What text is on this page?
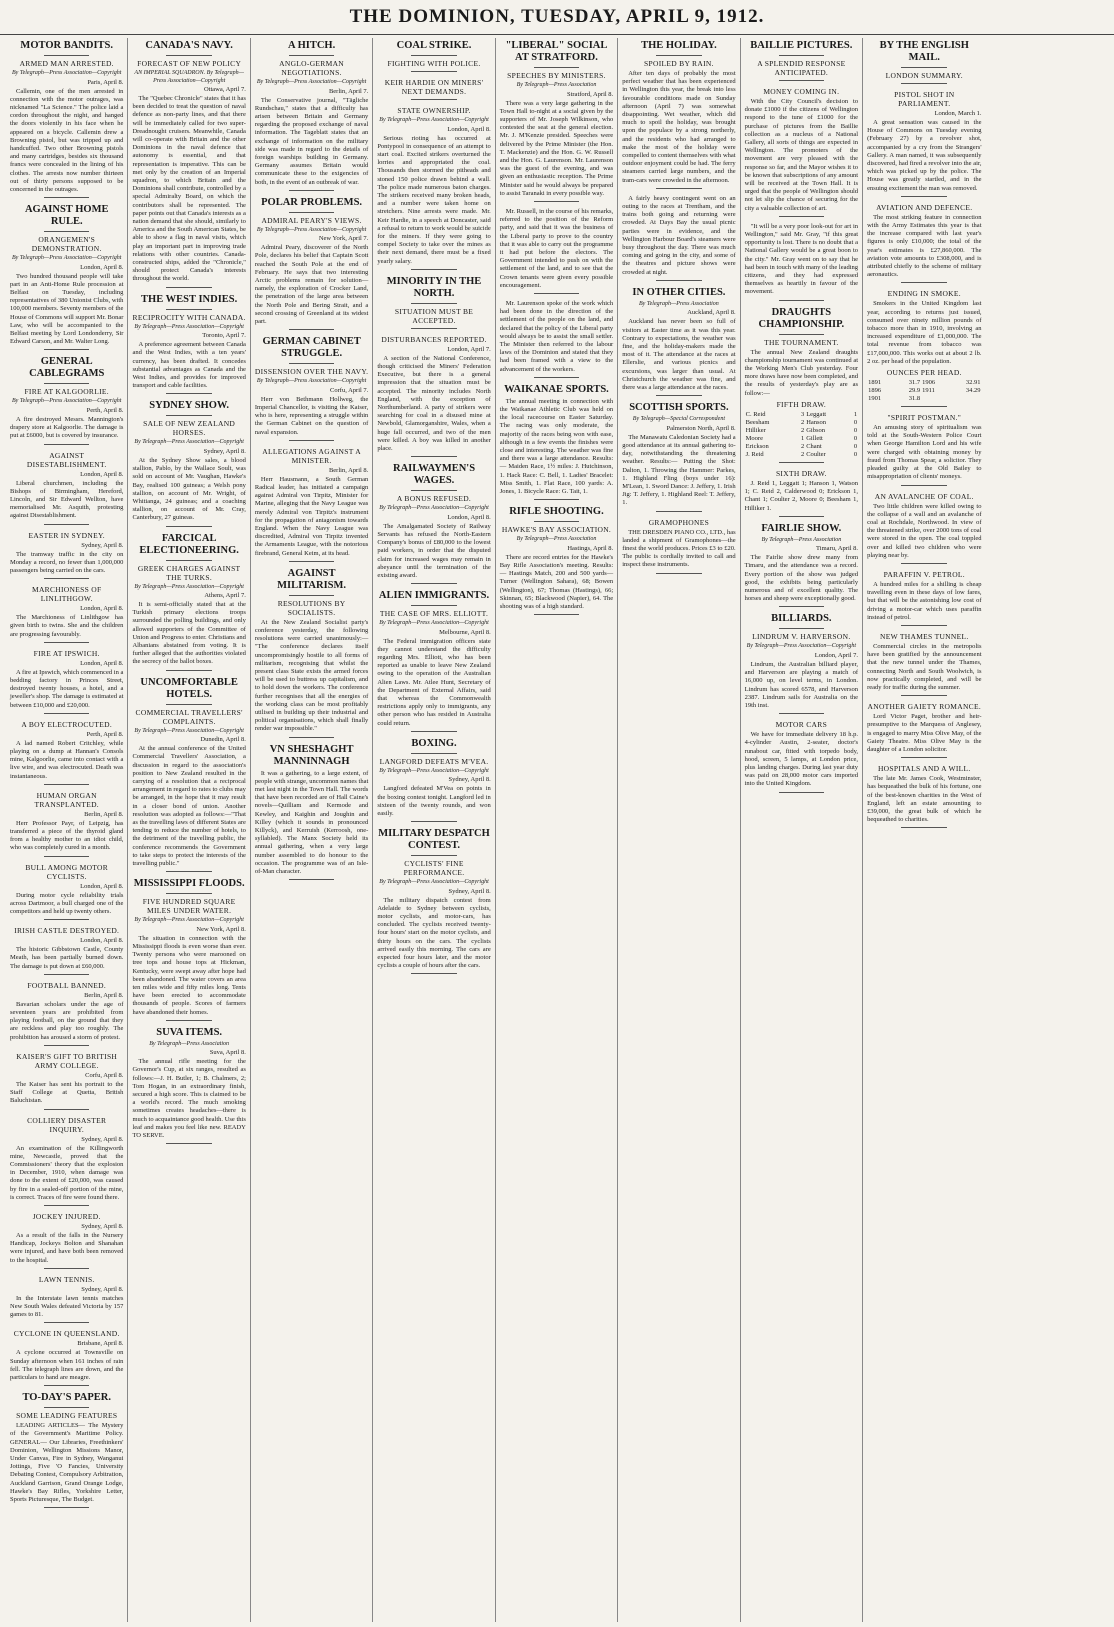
THE DOMINION, TUESDAY, APRIL 9, 1912.
MOTOR BANDITS.
ARMED MAN ARRESTED.
By Telegraph—Press Association—Copyright
Paris, April 8.

Callemin, one of the men arrested in connection with the motor outrages, was nicknamed "La Science." The police laid a cordon throughout the night, and hanged the doors violently in his face when he appeared on a bicycle. Callemin drew a Browning pistol, but was tripped up and handcuffed. Two other Browning pistols and many cartridges, besides six thousand francs were concealed in the lining of his clothes. The arrests now number thirteen out of thirty persons supposed to be concerned in the outrages.

AGAINST HOME RULE.
ORANGEMEN'S DEMONSTRATION.
By Telegraph—Press Association—Copyright
London, April 8.

Two hundred thousand people will take part in an Anti-Home Rule procession at Belfast on Tuesday, including representatives of 380 Unionist Clubs, with 100,000 members. Seventy members of the House of Commons will support Mr. Bonar Law, who will be accompanied to the Belfast meeting by Lord Londonderry, Sir Edward Carson, and Mr. Walter Long.

GENERAL CABLEGRAMS
FIRE AT KALGOORLIE.
By Telegraph—Press Association—Copyright
Perth, April 8.

A fire destroyed Messrs. Mannington's drapery store at Kalgoorlie. The damage is put at £6000, but is covered by insurance.

AGAINST DISESTABLISHMENT.
London, April 8.

Liberal churchmen, including the Bishops of Birmingham, Hereford, Lincoln, and Sir Edward Wellton, have memorialised Mr. Asquith, protesting against Disestablishment.

EASTER IN SYDNEY.
Sydney, April 8.

The tramway traffic in the city on Monday a record, no fewer than 1,000,000 passengers being carried on the cars.

MARCHIONESS OF LINLITHGOW.
London, April 8.

The Marchioness of Linlithgow has given birth to twins. She and the children are progressing favourably.

FIRE AT IPSWICH.
London, April 8.

A fire at Ipswich, which commenced in a bedding factory in Princes Street, destroyed twenty houses, a hotel, and a jeweller's shop. The damage is estimated at between £10,000 and £20,000.

A BOY ELECTROCUTED.
Perth, April 8.

A lad named Robert Critchley, while playing on a dump at Hannan's Consols mine, Kalgoorlie, came into contact with a live wire, and was electrocuted. Death was instantaneous.

HUMAN ORGAN TRANSPLANTED.
Berlin, April 8.

Herr Professor Payr, of Leipzig, has transferred a piece of the thyroid gland from a healthy mother to an idiot child, who was completely cured in a month.

BULL AMONG MOTOR CYCLISTS.
London, April 8.

During motor cycle reliability trials across Dartmoor, a bull charged one of the competitors and held up twenty others.

IRISH CASTLE DESTROYED.
London, April 8.

The historic Gibbstown Castle, County Meath, has been partially burned down. The damage is put down at £60,000.

FOOTBALL BANNED.
Berlin, April 8.

Bavarian scholars under the age of seventeen years are prohibited from playing football, on the ground that they are reckless and play too roughly. The prohibition has aroused a storm of protest.

KAISER'S GIFT TO BRITISH ARMY COLLEGE.
Corfu, April 8.

The Kaiser has sent his portrait to the Staff College at Quetta, British Baluchistan.

COLLIERY DISASTER INQUIRY.
Sydney, April 8.

An examination of the Killingworth mine, Newcastle, proved that the Commissioners' theory that the explosion in December, 1910, when damage was done to the extent of £20,000, was caused by fire in a sealed-off portion of the mine, is correct. Traces of fire were found there.

JOCKEY INJURED.
Sydney, April 8.

As a result of the falls in the Nursery Handicap, Jockeys Bolton and Shanahan were injured, and have both been removed to the hospital.

LAWN TENNIS.
Sydney, April 8.

In the Interstate lawn tennis matches New South Wales defeated Victoria by 157 games to 81.

CYCLONE IN QUEENSLAND.
Brisbane, April 8.

A cyclone occurred at Townsville on Sunday afternoon when 161 inches of rain fell. The telegraph lines are down, and the particulars to hand are meagre.

TO-DAY'S PAPER.
SOME LEADING FEATURES

LEADING ARTICLES— The Mystery of the Government's Maritime Policy. GENERAL— Our Libraries, Freethinkers' Dominion, Wellington Missions Manor, Under Canvas, Fire in Sydney, Wanganui Jottings, Five 'O Fancies, University Debating Contest, Compulsory Arbitration, Auckland Garrison, Grand Orange Lodge, Hawke's Bay Rifles, Yorkshire Letter, Sports Picturesque, The Budget.

CANADA'S NAVY.
FORECAST OF NEW POLICY
AN IMPERIAL SQUADRON. By Telegraph—Press Association—Copyright
Ottawa, April 7.

The "Quebec Chronicle" states that it has been decided to treat the question of naval defence as non-party lines, and that there will be immediately called for two super-Dreadnought cruisers. Meanwhile, Canada will co-operate with Britain and the other Dominions in the naval defence that autonomy is essential, and that representation is imperative. This can be met only by the creation of an Imperial squadron, to which Britain and the Dominions shall contribute, controlled by a special Admiralty Board, on which the contributors shall be represented. The paper points out that Canada's interests as a nation demand that she should, similarly to America and the South American States, be able to show a flag in naval visits, which play an important part in improving trade relations with other countries. Canada-constructed ships, added the "Chronicle," should protect Canada's interests throughout the world.

THE WEST INDIES.
RECIPROCITY WITH CANADA.
By Telegraph—Press Association—Copyright
Toronto, April 7.

A preference agreement between Canada and the West Indies, with a ten years' currency, has been drafted. It concedes substantial advantages as Canada and the West Indies, and provides for improved transport and cable facilities.

SYDNEY SHOW.
SALE OF NEW ZEALAND HORSES.
By Telegraph—Press Association—Copyright
Sydney, April 8.

At the Sydney Show sales, a blood stallion, Pablo, by the Wallace Soult, was sold on account of Mr. Vaughan, Hawke's Bay, realised 100 guineas; a Welsh pony stallion, on account of Mr. Wright, of Whitianga, 24 guineas; and a coaching stallion, on account of Mr. Cray, Canterbury, 27 guineas.

FARCICAL ELECTIONEERING.
GREEK CHARGES AGAINST THE TURKS.
By Telegraph—Press Association—Copyright
Athens, April 7.

It is semi-officially stated that at the Turkish primary elections troops surrounded the polling buildings, and only allowed supporters of the Committee of Union and Progress to enter. Christians and Albanians abstained from voting. It is further alleged that the authorities violated the secrecy of the ballot boxes.

UNCOMFORTABLE HOTELS.
COMMERCIAL TRAVELLERS' COMPLAINTS.
By Telegraph—Press Association—Copyright
Dunedin, April 8.

At the annual conference of the United Commercial Travellers' Association, a discussion in regard to the association's position to New Zealand resulted in the carrying of a resolution that a reciprocal arrangement in regard to rates to clubs may be arranged, in the hope that it may result in a closer bond of union. Another resolution was adopted as follows:—"That as the travelling laws of different States are tending to reduce the number of hotels, to the detriment of the travelling public, the conference recommends the Government to take steps to protect the interests of the travelling public."

MISSISSIPPI FLOODS.
FIVE HUNDRED SQUARE MILES UNDER WATER.
By Telegraph—Press Association—Copyright
New York, April 8.

The situation in connection with the Mississippi floods is even worse than ever. Twenty persons who were marooned on tree tops and house tops at Hickman, Kentucky, were swept away after hope had been abandoned. The water covers an area ten miles wide and fifty miles long. Tents have been erected to accommodate thousands of people. Scores of farmers have abandoned their homes.

SUVA ITEMS.
By Telegraph—Press Association
Suva, April 8.

The annual rifle meeting for the Governor's Cup, at six ranges, resulted as follows:—J. H. Butler, 1; B. Chalmers, 2; Tom Hogan, in an extraordinary finish, secured a high score. This is claimed to be a world's record. The much smoking sometimes creates headaches—there is much to acquaintance good health. Use this leaf and makes you feel like new. READY TO SERVE.

A HITCH.
ANGLO-GERMAN NEGOTIATIONS.
By Telegraph—Press Association—Copyright
Berlin, April 7.

The Conservative journal, "Tägliche Rundschau," states that a difficulty has arisen between Britain and Germany regarding the proposed exchange of naval information. The Tageblatt states that an exchange of information on the military side was made in regard to the details of foreign warships building in Germany. Germany assumes Britain would communicate these to the exigencies of both, in the event of an outbreak of war.

POLAR PROBLEMS.
ADMIRAL PEARY'S VIEWS.
By Telegraph—Press Association—Copyright
New York, April 7.

Admiral Peary, discoverer of the North Pole, declares his belief that Captain Scott reached the South Pole at the end of February. He says that two interesting Arctic problems remain for solution—namely, the exploration of Crocker Land, the penetration of the large area between the North Pole and Bering Strait, and a second crossing of Greenland at its widest part.

GERMAN CABINET STRUGGLE.
DISSENSION OVER THE NAVY.
By Telegraph—Press Association—Copyright
Corfu, April 7.

Herr von Bethmann Hollweg, the Imperial Chancellor, is visiting the Kaiser, who is here, representing a struggle within the German Cabinet on the question of naval expansion.

ALLEGATIONS AGAINST A MINISTER.
Berlin, April 8.

Herr Hausmann, a South German Radical leader, has initiated a campaign against Admiral von Tirpitz, Minister for Marine, alleging that the Navy League was merely Admiral von Tirpitz's instrument for the propagation of antagonism towards England. When the Navy League was discredited, Admiral von Tirpitz invented the Armaments League, with the notorious firebrand, General Keim, at its head.

AGAINST MILITARISM.
RESOLUTIONS BY SOCIALISTS.

At the New Zealand Socialist party's conference yesterday, the following resolutions were carried unanimously:— "The conference declares itself uncompromisingly hostile to all forms of militarism, recognising that whilst the present class State exists the armed forces will be used to buttress up capitalism, and to hold down the workers. The conference further recognises that all the energies of the working class can be most profitably utilised in building up their industrial and political organisations, which shall finally render war impossible."

VN SHESHAGHT MANNINNAGH

It was a gathering, to a large extent, of people with strange, uncommon names that met last night in the Town Hall. The words that have been recorded are of Hall Caine's novels—Quilliam and Kermode and Kewley, and Kaighin and Joughin and Killey (which it sounds in pronounced Killyck), and Kerruish (Kerroosh, one-syllabled). The Manx Society held its annual gathering, when a very large number assembled to do honour to the occasion. The programme was of an Isle-of-Man character.

COAL STRIKE.
FIGHTING WITH POLICE.
KEIR HARDIE ON MINERS' NEXT DEMANDS.
STATE OWNERSHIP.
By Telegraph—Press Association—Copyright
London, April 8.

Serious rioting has occurred at Pontypool in consequence of an attempt to start coal. Excited strikers overturned the lorries and appropriated the coal. Thousands then stormed the pitheads and stoned 150 police drawn behind a wall. The police made numerous baton charges. The strikers received many broken heads, and a number were taken home on stretchers. Nine arrests were made. Mr. Keir Hardie, in a speech at Doncaster, said a refusal to return to work would be suicide for the miners. If they were going to compel Society to take over the mines as their next demand, there must be a fixed yearly salary.

MINORITY IN THE NORTH.
SITUATION MUST BE ACCEPTED.
DISTURBANCES REPORTED.
London, April 7.

A section of the National Conference, though criticised the Miners' Federation Executive, but there is a general impression that the situation must be accepted. The minority includes North England, with the exception of Northumberland. A party of strikers were searching for coal in a disused mine at Newbold, Glamorganshire, Wales, when a huge fall occurred, and two of the men were killed. A boy was killed in another place.

RAILWAYMEN'S WAGES.
A BONUS REFUSED.
By Telegraph—Press Association—Copyright
London, April 8.

The Amalgamated Society of Railway Servants has refused the North-Eastern Company's bonus of £80,000 to the lowest paid workers, in order that the disputed claim for increased wages may remain in abeyance until the termination of the existing award.

ALIEN IMMIGRANTS.
THE CASE OF MRS. ELLIOTT.
By Telegraph—Press Association—Copyright
Melbourne, April 8.

The Federal immigration officers state they cannot understand the difficulty regarding Mrs. Elliott, who has been reported as unable to leave New Zealand owing to the operation of the Australian Alien Laws. Mr. Atlee Hunt, Secretary of the Department of External Affairs, said that whereas the Commonwealth restrictions apply only to immigrants, any other person who has resided in Australia could return.

BOXING.
LANGFORD DEFEATS M'VEA.
By Telegraph—Press Association—Copyright
Sydney, April 8.

Langford defeated M'Vea on points in the boxing contest tonight. Langford led in sixteen of the twenty rounds, and won easily.

MILITARY DESPATCH CONTEST.
CYCLISTS' FINE PERFORMANCE.
By Telegraph—Press Association—Copyright
Sydney, April 8.

The military dispatch contest from Adelaide to Sydney between cyclists, motor cyclists, and motor-cars, has concluded. The cyclists received twenty-four hours' start on the motor cyclists, and thirty hours on the cars. The cyclists arrived easily this morning. The cars are expected four hours later, and the motor cyclists a couple of hours after the cars.

"LIBERAL" SOCIAL AT STRATFORD.
SPEECHES BY MINISTERS.
By Telegraph—Press Association
Stratford, April 8.

There was a very large gathering in the Town Hall to-night at a social given by the supporters of Mr. Joseph Wilkinson, who contested the seat at the general election. Mr. J. M'Kenzie presided. Speeches were delivered by the Prime Minister (the Hon. T. Mackenzie) and the Hon. G. W. Russell and the Hon. G. Laurenson. Mr. Laurenson was the guest of the evening, and was given an enthusiastic reception. The Prime Minister said he would always be prepared to assist Taranaki in every possible way.

Mr. Russell, in the course of his remarks, referred to the position of the Reform party, and said that it was the business of the Liberal party to prove to the country that it was able to carry out the programme it had put before the electors. The Government intended to push on with the settlement of the land, and to see that the Crown tenants were given every possible encouragement.

Mr. Laurenson spoke of the work which had been done in the direction of the settlement of the people on the land, and declared that the policy of the Liberal party would always be to assist the small settler. The Minister then referred to the labour laws of the Dominion and stated that they had been framed with a view to the advancement of the workers.

WAIKANAE SPORTS.

The annual meeting in connection with the Waikanae Athletic Club was held on the local racecourse on Easter Saturday. The racing was only moderate, the majority of the races being won with ease, although in a few events the finishes were close and interesting. The weather was fine and there was a large attendance. Results:— Maiden Race, 1½ miles: J. Hutchinson, 1. Hack Race: C. Bell, 1. Ladies' Bracelet: Miss Smith, 1. Flat Race, 100 yards: A. Jones, 1. Bicycle Race: G. Tait, 1.

RIFLE SHOOTING.
HAWKE'S BAY ASSOCIATION.
By Telegraph—Press Association
Hastings, April 8.

There are record entries for the Hawke's Bay Rifle Association's meeting. Results:— Hastings Match, 200 and 500 yards— Turner (Wellington Sahara), 68; Bowen (Wellington), 67; Thomas (Hastings), 66; Skinnan, 65; Blackwood (Napier), 64. The shooting was of a high standard.

THE HOLIDAY.
SPOILED BY RAIN.

After ten days of probably the most perfect weather that has been experienced in Wellington this year, the break into less favourable conditions made on Sunday afternoon (April 7) was somewhat disappointing. Wet weather, which did much to spoil the holiday, was brought upon the populace by a strong northerly, and the residents who had arranged to make the most of the holiday were compelled to content themselves with what outdoor enjoyment could be had. The ferry steamers carried large numbers, and the tram-cars were crowded in the afternoon.

A fairly heavy contingent went on an outing to the races at Trentham, and the trains both going and returning were crowded. At Days Bay the usual picnic parties were in evidence, and the Wellington Harbour Board's steamers were busy throughout the day. There was much coming and going in the city, and some of the theatres and picture shows were crowded at night.

IN OTHER CITIES.
By Telegraph—Press Association
Auckland, April 8.

Auckland has never been so full of visitors at Easter time as it was this year. Contrary to expectations, the weather was fine, and the holiday-makers made the most of it. The attendance at the races at Ellerslie, and various picnics and excursions, was larger than usual. At Christchurch the weather was fine, and there was a large attendance at the races.

SCOTTISH SPORTS.
By Telegraph—Special Correspondent
Palmerston North, April 8.

The Manawatu Caledonian Society had a good attendance at its annual gathering to-day, notwithstanding the threatening weather. Results:— Putting the Shot: Dalton, 1. Throwing the Hammer: Parkes, 1. Highland Fling (boys under 16): M'Lean, 1. Sword Dance: J. Jeffery, 1. Irish Jig: T. Jeffery, 1. Highland Reel: T. Jeffery, 1.

GRAMOPHONES

THE DRESDEN PIANO CO., LTD., has landed a shipment of Gramophones—the finest the world produces. Prices £3 to £20. The public is cordially invited to call and inspect these instruments.

BAILLIE PICTURES.
A SPLENDID RESPONSE ANTICIPATED.
MONEY COMING IN.

With the City Council's decision to donate £1000 if the citizens of Wellington respond to the tune of £1000 for the purchase of pictures from the Baillie collection as a nucleus of a National Gallery, all sorts of things are expected in Wellington. The promoters of the movement are very pleased with the response so far, and the Mayor wishes it to be known that subscriptions of any amount will be received at the Town Hall. It is urged that the people of Wellington should not let slip the chance of securing for the city a valuable collection of art.

"It will be a very poor look-out for art in Wellington," said Mr. Gray, "if this great opportunity is lost. There is no doubt that a National Gallery would be a great boon to the city." Mr. Gray went on to say that he had been in touch with many of the leading citizens, and they had expressed themselves as heartily in favour of the movement.

DRAUGHTS CHAMPIONSHIP.
THE TOURNAMENT.

The annual New Zealand draughts championship tournament was continued at the Working Men's Club yesterday. Four more draws have now been completed, and the results of yesterday's play are as follow:—

FIFTH DRAW.
C. Reid	3	Leggatt	1
Beesham	2	Hanson	0
Hilliker	2	Gibson	0
Moore	1	Gillett	0
Erickson	2	Chant	0
J. Reid	2	Coulter	0
SIXTH DRAW.

J. Reid 1, Leggatt 1; Hanson 1, Watson 1; C. Reid 2, Calderwood 0; Erickson 1, Chant 1; Coulter 2, Moore 0; Beesham 1, Hilliker 1.

FAIRLIE SHOW.
By Telegraph—Press Association
Timaru, April 8.

The Fairlie show drew many from Timaru, and the attendance was a record. Every portion of the show was judged good, the exhibits being particularly numerous and of excellent quality. The horses and sheep were exceptionally good.

BILLIARDS.
LINDRUM V. HARVERSON.
By Telegraph—Press Association—Copyright
London, April 7.

Lindrum, the Australian billiard player, and Harverson are playing a match of 16,000 up, on level terms, in London. Lindrum has scored 6578, and Harverson 2387. Lindrum sails for Australia on the 19th inst.

MOTOR CARS

We have for immediate delivery 18 h.p. 4-cylinder Austin, 2-seater, doctor's runabout car, fitted with torpedo body, hood, screen, 5 lamps, at London price, plus landing charges. During last year duty was paid on 28,000 motor cars imported into the United Kingdom.

BY THE ENGLISH MAIL.
LONDON SUMMARY.
PISTOL SHOT IN PARLIAMENT.
London, March 1.

A great sensation was caused in the House of Commons on Tuesday evening (February 27) by a revolver shot, accompanied by a cry from the Strangers' Gallery. A man named, it was subsequently discovered, had fired a revolver into the air, which was picked up by the police. The House was greatly startled, and in the ensuing excitement the man was removed.

AVIATION AND DEFENCE.

The most striking feature in connection with the Army Estimates this year is that the increase compared with last year's figures is only £10,000; the total of the year's estimates is £27,860,000. The aviation vote amounts to £308,000, and is attributed chiefly to the scheme of military aeronautics.

ENDING IN SMOKE.

Smokers in the United Kingdom last year, according to returns just issued, consumed over ninety million pounds of tobacco more than in 1910, involving an increased expenditure of £1,000,000. The total revenue from tobacco was £17,000,000. This works out at about 2 lb. 2 oz. per head of the population.

OUNCES PER HEAD.
1891	31.7	1906	32.91
1896	29.9	1911	34.29
1901	31.8		
"SPIRIT POSTMAN."

An amusing story of spiritualism was told at the South-Western Police Court when George Hamilton Lord and his wife were charged with obtaining money by fraud from Thomas Spear, a solicitor. They pleaded guilty at the Old Bailey to misappropriation of clients' moneys.

AN AVALANCHE OF COAL.

Two little children were killed owing to the collapse of a wall and an avalanche of coal at Rochdale, Northwood. In view of the threatened strike, over 2000 tons of coal were stored in the open. The coal toppled over and killed two children who were playing near by.

PARAFFIN V. PETROL.

A hundred miles for a shilling is cheap travelling even in these days of low fares, but that will be the astonishing low cost of driving a motor-car which uses paraffin instead of petrol.

NEW THAMES TUNNEL.

Commercial circles in the metropolis have been gratified by the announcement that the new tunnel under the Thames, connecting North and South Woolwich, is now practically completed, and will be ready for traffic during the summer.

ANOTHER GAIETY ROMANCE.

Lord Victor Paget, brother and heir-presumptive to the Marquess of Anglesey, is engaged to marry Miss Olive May, of the Gaiety Theatre. Miss Olive May is the daughter of a London solicitor.

HOSPITALS AND A WILL.

The late Mr. James Cook, Westminster, has bequeathed the bulk of his fortune, one of the best-known charities in the West of England, left an estate amounting to £39,000, the great bulk of which he bequeathed to charities.
